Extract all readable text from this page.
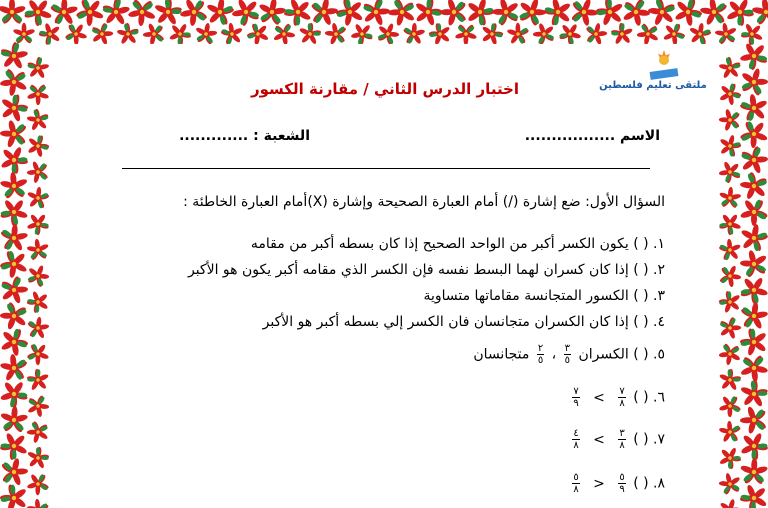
ملتقى تعليم فلسطين
اختبار الدرس الثاني / مقارنة الكسور
الاسم .................
الشعبة : .............
السؤال الأول: ضع إشارة (/) أمام العبارة الصحيحة وإشارة (X)أمام العبارة الخاطئة :
١. ( ) يكون الكسر أكبر من الواحد الصحيح إذا كان بسطه أكبر من مقامه
٢. ( ) إذا كان كسران لهما البسط نفسه فإن الكسر الذي مقامه أكبر يكون هو الأكبر
٣. ( ) الكسور المتجانسة مقاماتها متساوية
٤. ( ) إذا كان الكسران متجانسان فان الكسر إلي بسطه أكبر هو الأكبر
٥. ( ) الكسران
$\frac{٣}{٥}$
،
$\frac{٢}{٥}$
متجانسان
٦. ( )
$\frac{٧}{٨}$
>
$\frac{٧}{٩}$
٧. ( )
$\frac{٣}{٨}$
>
$\frac{٤}{٨}$
٨. ( )
$\frac{٥}{٩}$
<
$\frac{٥}{٨}$
